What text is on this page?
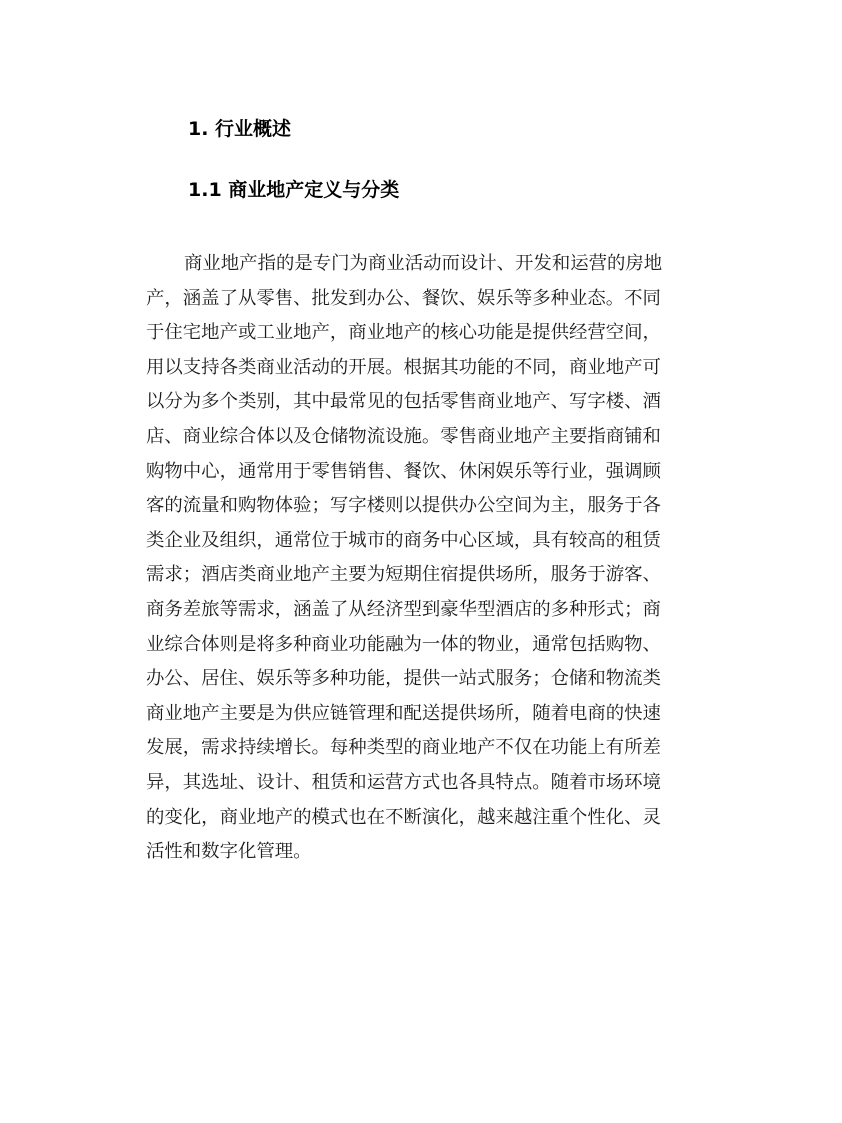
1. 行业概述
1.1 商业地产定义与分类
商业地产指的是专门为商业活动而设计、开发和运营的房地
产，涵盖了从零售、批发到办公、餐饮、娱乐等多种业态。不同
于住宅地产或工业地产，商业地产的核心功能是提供经营空间，
用以支持各类商业活动的开展。根据其功能的不同，商业地产可
以分为多个类别，其中最常见的包括零售商业地产、写字楼、酒
店、商业综合体以及仓储物流设施。零售商业地产主要指商铺和
购物中心，通常用于零售销售、餐饮、休闲娱乐等行业，强调顾
客的流量和购物体验；写字楼则以提供办公空间为主，服务于各
类企业及组织，通常位于城市的商务中心区域，具有较高的租赁
需求；酒店类商业地产主要为短期住宿提供场所，服务于游客、
商务差旅等需求，涵盖了从经济型到豪华型酒店的多种形式；商
业综合体则是将多种商业功能融为一体的物业，通常包括购物、
办公、居住、娱乐等多种功能，提供一站式服务；仓储和物流类
商业地产主要是为供应链管理和配送提供场所，随着电商的快速
发展，需求持续增长。每种类型的商业地产不仅在功能上有所差
异，其选址、设计、租赁和运营方式也各具特点。随着市场环境
的变化，商业地产的模式也在不断演化，越来越注重个性化、灵
活性和数字化管理。
